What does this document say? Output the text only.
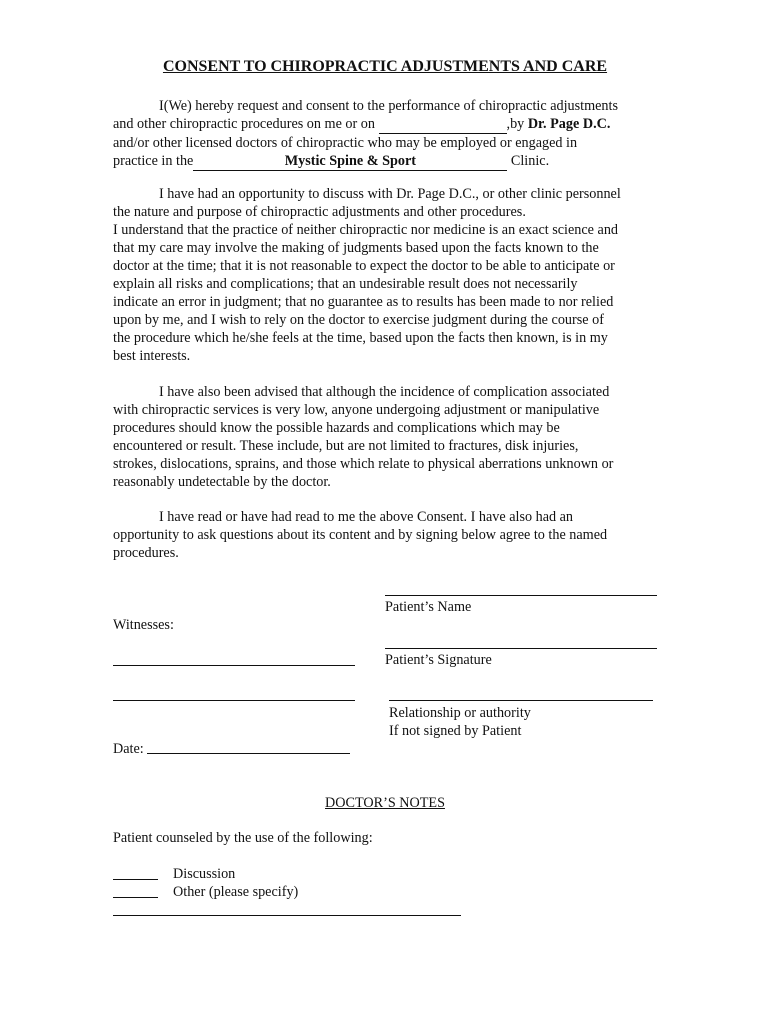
CONSENT TO CHIROPRACTIC ADJUSTMENTS AND CARE
I(We) hereby request and consent to the performance of chiropractic adjustments
and other chiropractic procedures on me or on	,by Dr. Page D.C.
and/or other licensed doctors of chiropractic who may be employed or engaged in
practice in the	Mystic Spine & Sport	Clinic.
I have had an opportunity to discuss with Dr. Page D.C., or other clinic personnel
the nature and purpose of chiropractic adjustments and other procedures.
I understand that the practice of neither chiropractic nor medicine is an exact science and
that my care may involve the making of judgments based upon the facts known to the
doctor at the time; that it is not reasonable to expect the doctor to be able to anticipate or
explain all risks and complications; that an undesirable result does not necessarily
indicate an error in judgment; that no guarantee as to results has been made to nor relied
upon by me, and I wish to rely on the doctor to exercise judgment during the course of
the procedure which he/she feels at the time, based upon the facts then known, is in my
best interests.
I have also been advised that although the incidence of complication associated
with chiropractic services is very low, anyone undergoing adjustment or manipulative
procedures should know the possible hazards and complications which may be
encountered or result. These include, but are not limited to fractures, disk injuries,
strokes, dislocations, sprains, and those which relate to physical aberrations unknown or
reasonably undetectable by the doctor.
I have read or have had read to me the above Consent. I have also had an
opportunity to ask questions about its content and by signing below agree to the named
procedures.
Patient’s Name
Witnesses:
Patient’s Signature
Relationship or authority
If not signed by Patient
Date:
DOCTOR’S NOTES
Patient counseled by the use of the following:
Discussion
Other (please specify)
